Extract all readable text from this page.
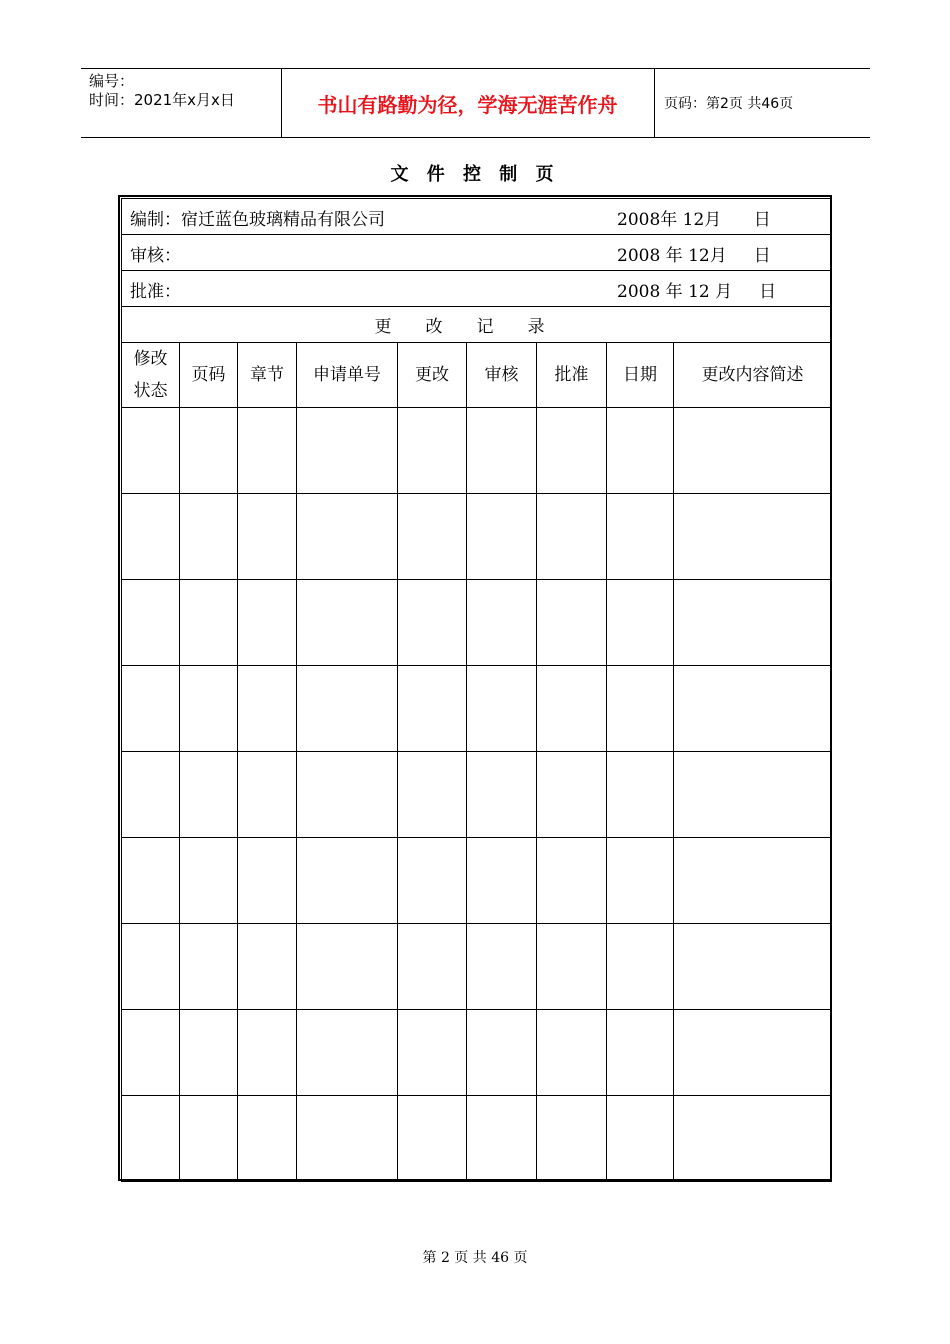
编号：
时间：2021年x月x日	书山有路勤为径，学海无涯苦作舟	页码：第2页 共46页
文 件 控 制 页
编制：宿迁蓝色玻璃精品有限公司 2008年 12月      日								

审核： 2008 年 12月     日								

批准： 2008 年 12 月     日								

更改记录								

修改状态	页码	章节	申请单号	更改	审核	批准	日期	更改内容简述

第 2 页 共 46 页
